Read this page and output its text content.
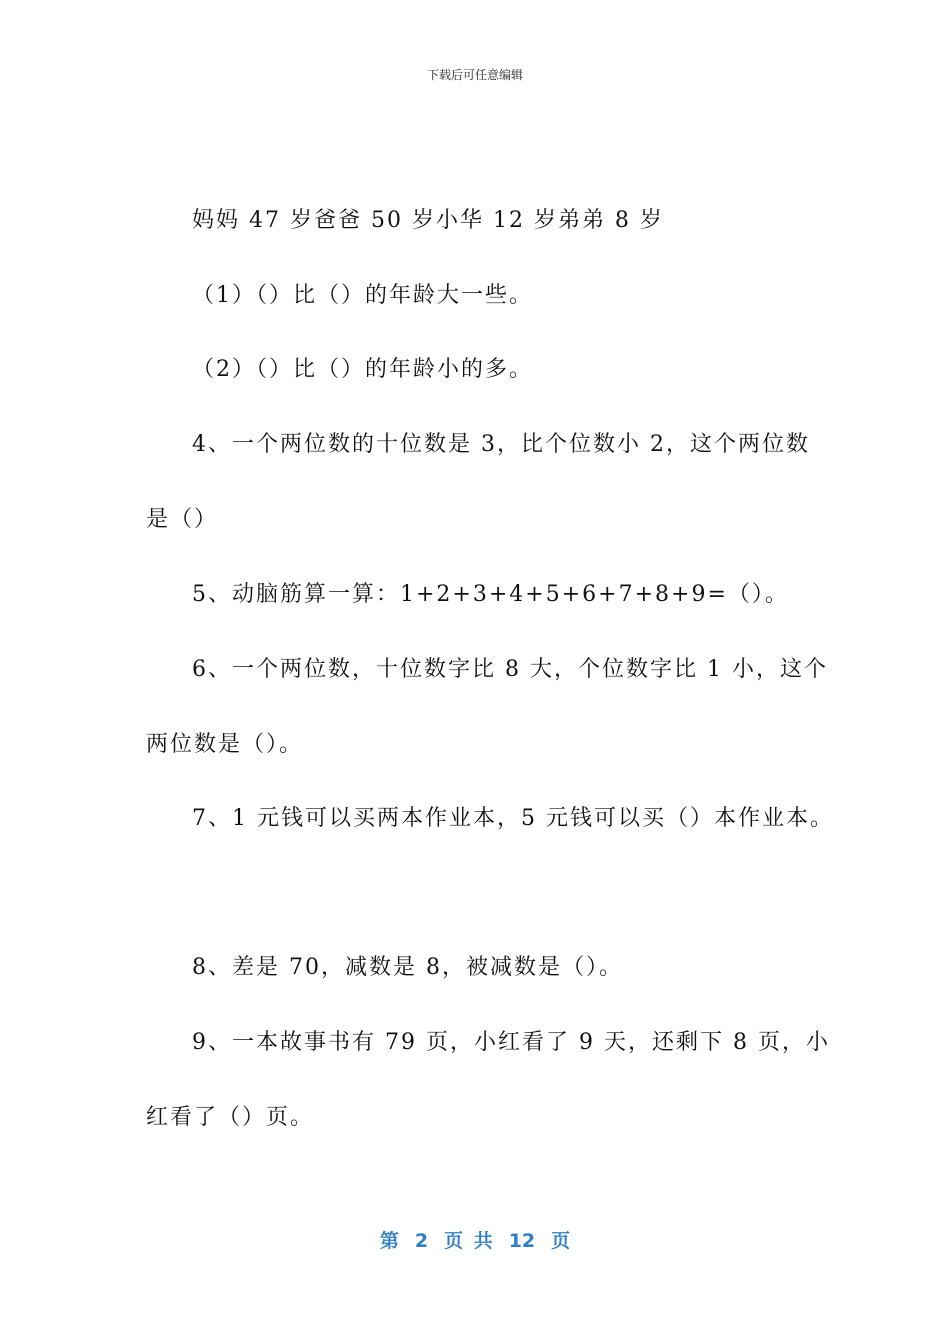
下载后可任意编辑
妈妈 47 岁爸爸 50 岁小华 12 岁弟弟 8 岁
（1）（）比（）的年龄大一些。
（2）（）比（）的年龄小的多。
4、一个两位数的十位数是 3，比个位数小 2，这个两位数
是（）
5、动脑筋算一算：1+2+3+4+5+6+7+8+9=（）。
6、一个两位数，十位数字比 8 大，个位数字比 1 小，这个
两位数是（）。
7、1 元钱可以买两本作业本，5 元钱可以买（）本作业本。
8、差是 70，减数是 8，被减数是（）。
9、一本故事书有 79 页，小红看了 9 天，还剩下 8 页，小
红看了（）页。
第 2 页 共 12 页
